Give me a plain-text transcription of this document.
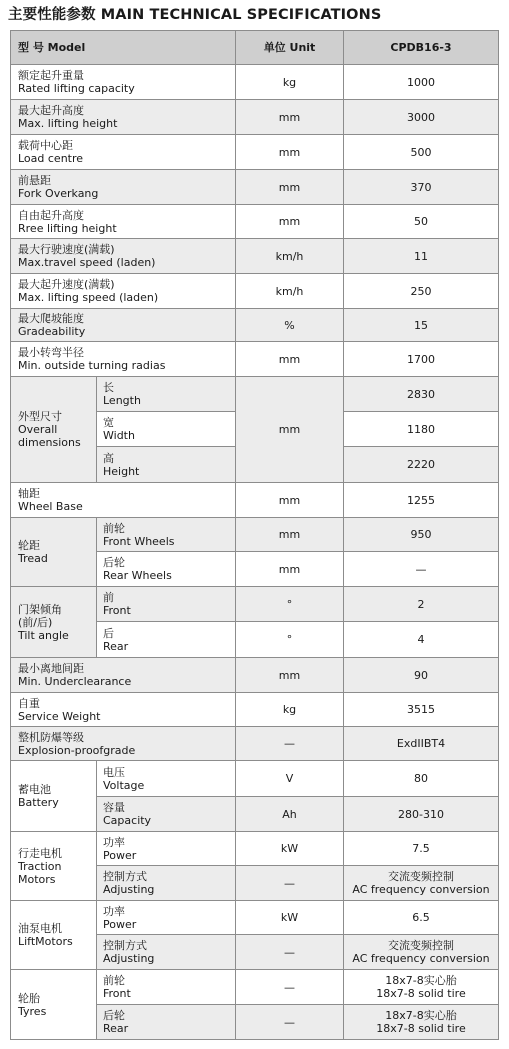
主要性能参数 MAIN TECHNICAL SPECIFICATIONS
型 号 Model		单位 Unit	CPDB16-3

额定起升重量
Rated lifting capacity		kg	1000

最大起升高度
Max. lifting height		mm	3000

载荷中心距
Load centre		mm	500

前悬距
Fork Overkang		mm	370

自由起升高度
Rree lifting height		mm	50

最大行驶速度(满载)
Max.travel speed (laden)		km/h	11

最大起升速度(满载)
Max. lifting speed (laden)		km/h	250

最大爬坡能度
Gradeability		%	15

最小转弯半径
Min. outside turning radias		mm	1700

外型尺寸
Overall dimensions	长
Length	mm	2830

	宽
Width		1180

	高
Height		2220

轴距
Wheel Base		mm	1255

轮距
Tread	前轮
Front Wheels	mm	950

	后轮
Rear Wheels	mm	—

门架倾角
(前/后)
Tilt angle	前
Front	°	2

	后
Rear	°	4

最小离地间距
Min. Underclearance		mm	90

自重
Service Weight		kg	3515

整机防爆等级
Explosion-proofgrade		—	ExdIIBT4

蓄电池
Battery	电压
Voltage	V	80

	容量
Capacity	Ah	280-310

行走电机
Traction Motors	功率
Power	kW	7.5

	控制方式
Adjusting	—	交流变频控制
AC frequency conversion

油泵电机
LiftMotors	功率
Power	kW	6.5

	控制方式
Adjusting	—	交流变频控制
AC frequency conversion

轮胎
Tyres	前轮
Front	—	18x7-8实心胎
18x7-8 solid tire

	后轮
Rear	—	18x7-8实心胎
18x7-8 solid tire
